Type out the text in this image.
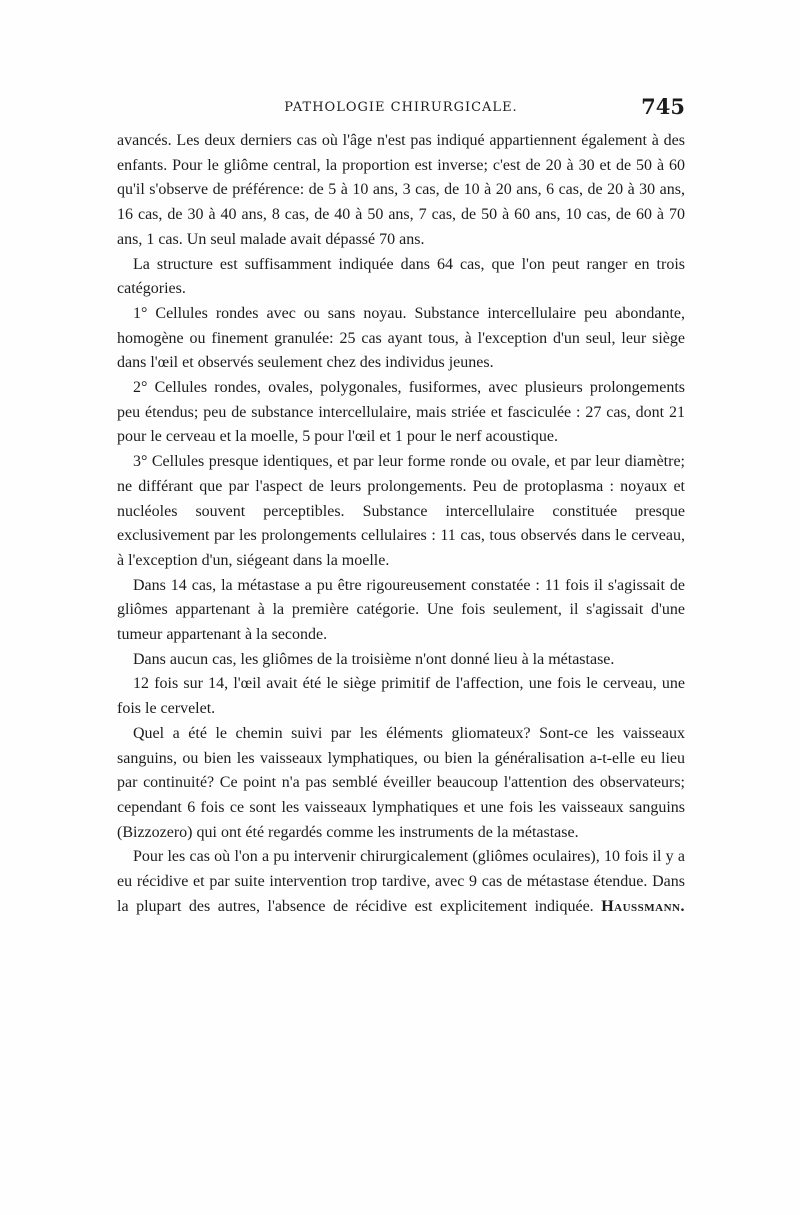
PATHOLOGIE CHIRURGICALE.	745

avancés. Les deux derniers cas où l'âge n'est pas indiqué appartiennent également à des enfants. Pour le gliôme central, la proportion est inverse; c'est de 20 à 30 et de 50 à 60 qu'il s'observe de préférence: de 5 à 10 ans, 3 cas, de 10 à 20 ans, 6 cas, de 20 à 30 ans, 16 cas, de 30 à 40 ans, 8 cas, de 40 à 50 ans, 7 cas, de 50 à 60 ans, 10 cas, de 60 à 70 ans, 1 cas. Un seul malade avait dépassé 70 ans.

La structure est suffisamment indiquée dans 64 cas, que l'on peut ranger en trois catégories.

1° Cellules rondes avec ou sans noyau. Substance intercellulaire peu abondante, homogène ou finement granulée: 25 cas ayant tous, à l'exception d'un seul, leur siège dans l'œil et observés seulement chez des individus jeunes.

2° Cellules rondes, ovales, polygonales, fusiformes, avec plusieurs prolongements peu étendus; peu de substance intercellulaire, mais striée et fasciculée : 27 cas, dont 21 pour le cerveau et la moelle, 5 pour l'œil et 1 pour le nerf acoustique.

3° Cellules presque identiques, et par leur forme ronde ou ovale, et par leur diamètre; ne différant que par l'aspect de leurs prolongements. Peu de protoplasma : noyaux et nucléoles souvent perceptibles. Substance intercellulaire constituée presque exclusivement par les prolongements cellulaires : 11 cas, tous observés dans le cerveau, à l'exception d'un, siégeant dans la moelle.

Dans 14 cas, la métastase a pu être rigoureusement constatée : 11 fois il s'agissait de gliômes appartenant à la première catégorie. Une fois seulement, il s'agissait d'une tumeur appartenant à la seconde.

Dans aucun cas, les gliômes de la troisième n'ont donné lieu à la métastase.

12 fois sur 14, l'œil avait été le siège primitif de l'affection, une fois le cerveau, une fois le cervelet.

Quel a été le chemin suivi par les éléments gliomateux? Sont-ce les vaisseaux sanguins, ou bien les vaisseaux lymphatiques, ou bien la généralisation a-t-elle eu lieu par continuité? Ce point n'a pas semblé éveiller beaucoup l'attention des observateurs; cependant 6 fois ce sont les vaisseaux lymphatiques et une fois les vaisseaux sanguins (Bizzozero) qui ont été regardés comme les instruments de la métastase.

Pour les cas où l'on a pu intervenir chirurgicalement (gliômes oculaires), 10 fois il y a eu récidive et par suite intervention trop tardive, avec 9 cas de métastase étendue. Dans la plupart des autres, l'absence de récidive est explicitement indiquée. Haussmann.
